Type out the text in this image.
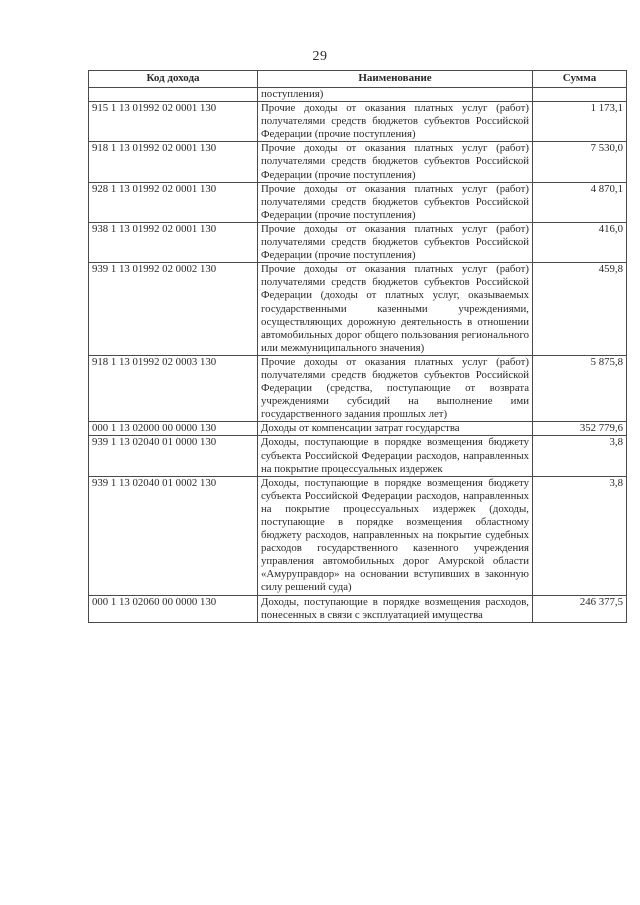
29
Код дохода	Наименование	Сумма
	поступления)	
915 1 13 01992 02 0001 130	Прочие доходы от оказания платных услуг (работ) получателями средств бюджетов субъектов Российской Федерации (прочие поступления)	1 173,1
918 1 13 01992 02 0001 130	Прочие доходы от оказания платных услуг (работ) получателями средств бюджетов субъектов Российской Федерации (прочие поступления)	7 530,0
928 1 13 01992 02 0001 130	Прочие доходы от оказания платных услуг (работ) получателями средств бюджетов субъектов Российской Федерации (прочие поступления)	4 870,1
938 1 13 01992 02 0001 130	Прочие доходы от оказания платных услуг (работ) получателями средств бюджетов субъектов Российской Федерации (прочие поступления)	416,0
939 1 13 01992 02 0002 130	Прочие доходы от оказания платных услуг (работ) получателями средств бюджетов субъектов Российской Федерации (доходы от платных услуг, оказываемых государственными казенными учреждениями, осуществляющих дорожную деятельность в отношении автомобильных дорог общего пользования регионального или межмуниципального значения)	459,8
918 1 13 01992 02 0003 130	Прочие доходы от оказания платных услуг (работ) получателями средств бюджетов субъектов Российской Федерации (средства, поступающие от возврата учреждениями субсидий на выполнение ими государственного задания прошлых лет)	5 875,8
000 1 13 02000 00 0000 130	Доходы от компенсации затрат государства	352 779,6
939 1 13 02040 01 0000 130	Доходы, поступающие в порядке возмещения бюджету субъекта Российской Федерации расходов, направленных на покрытие процессуальных издержек	3,8
939 1 13 02040 01 0002 130	Доходы, поступающие в порядке возмещения бюджету субъекта Российской Федерации расходов, направленных на покрытие процессуальных издержек (доходы, поступающие в порядке возмещения областному бюджету расходов, направленных на покрытие судебных расходов государственного казенного учреждения управления автомобильных дорог Амурской области «Амуруправдор» на основании вступивших в законную силу решений суда)	3,8
000 1 13 02060 00 0000 130	Доходы, поступающие в порядке возмещения расходов, понесенных в связи с эксплуатацией имущества	246 377,5
